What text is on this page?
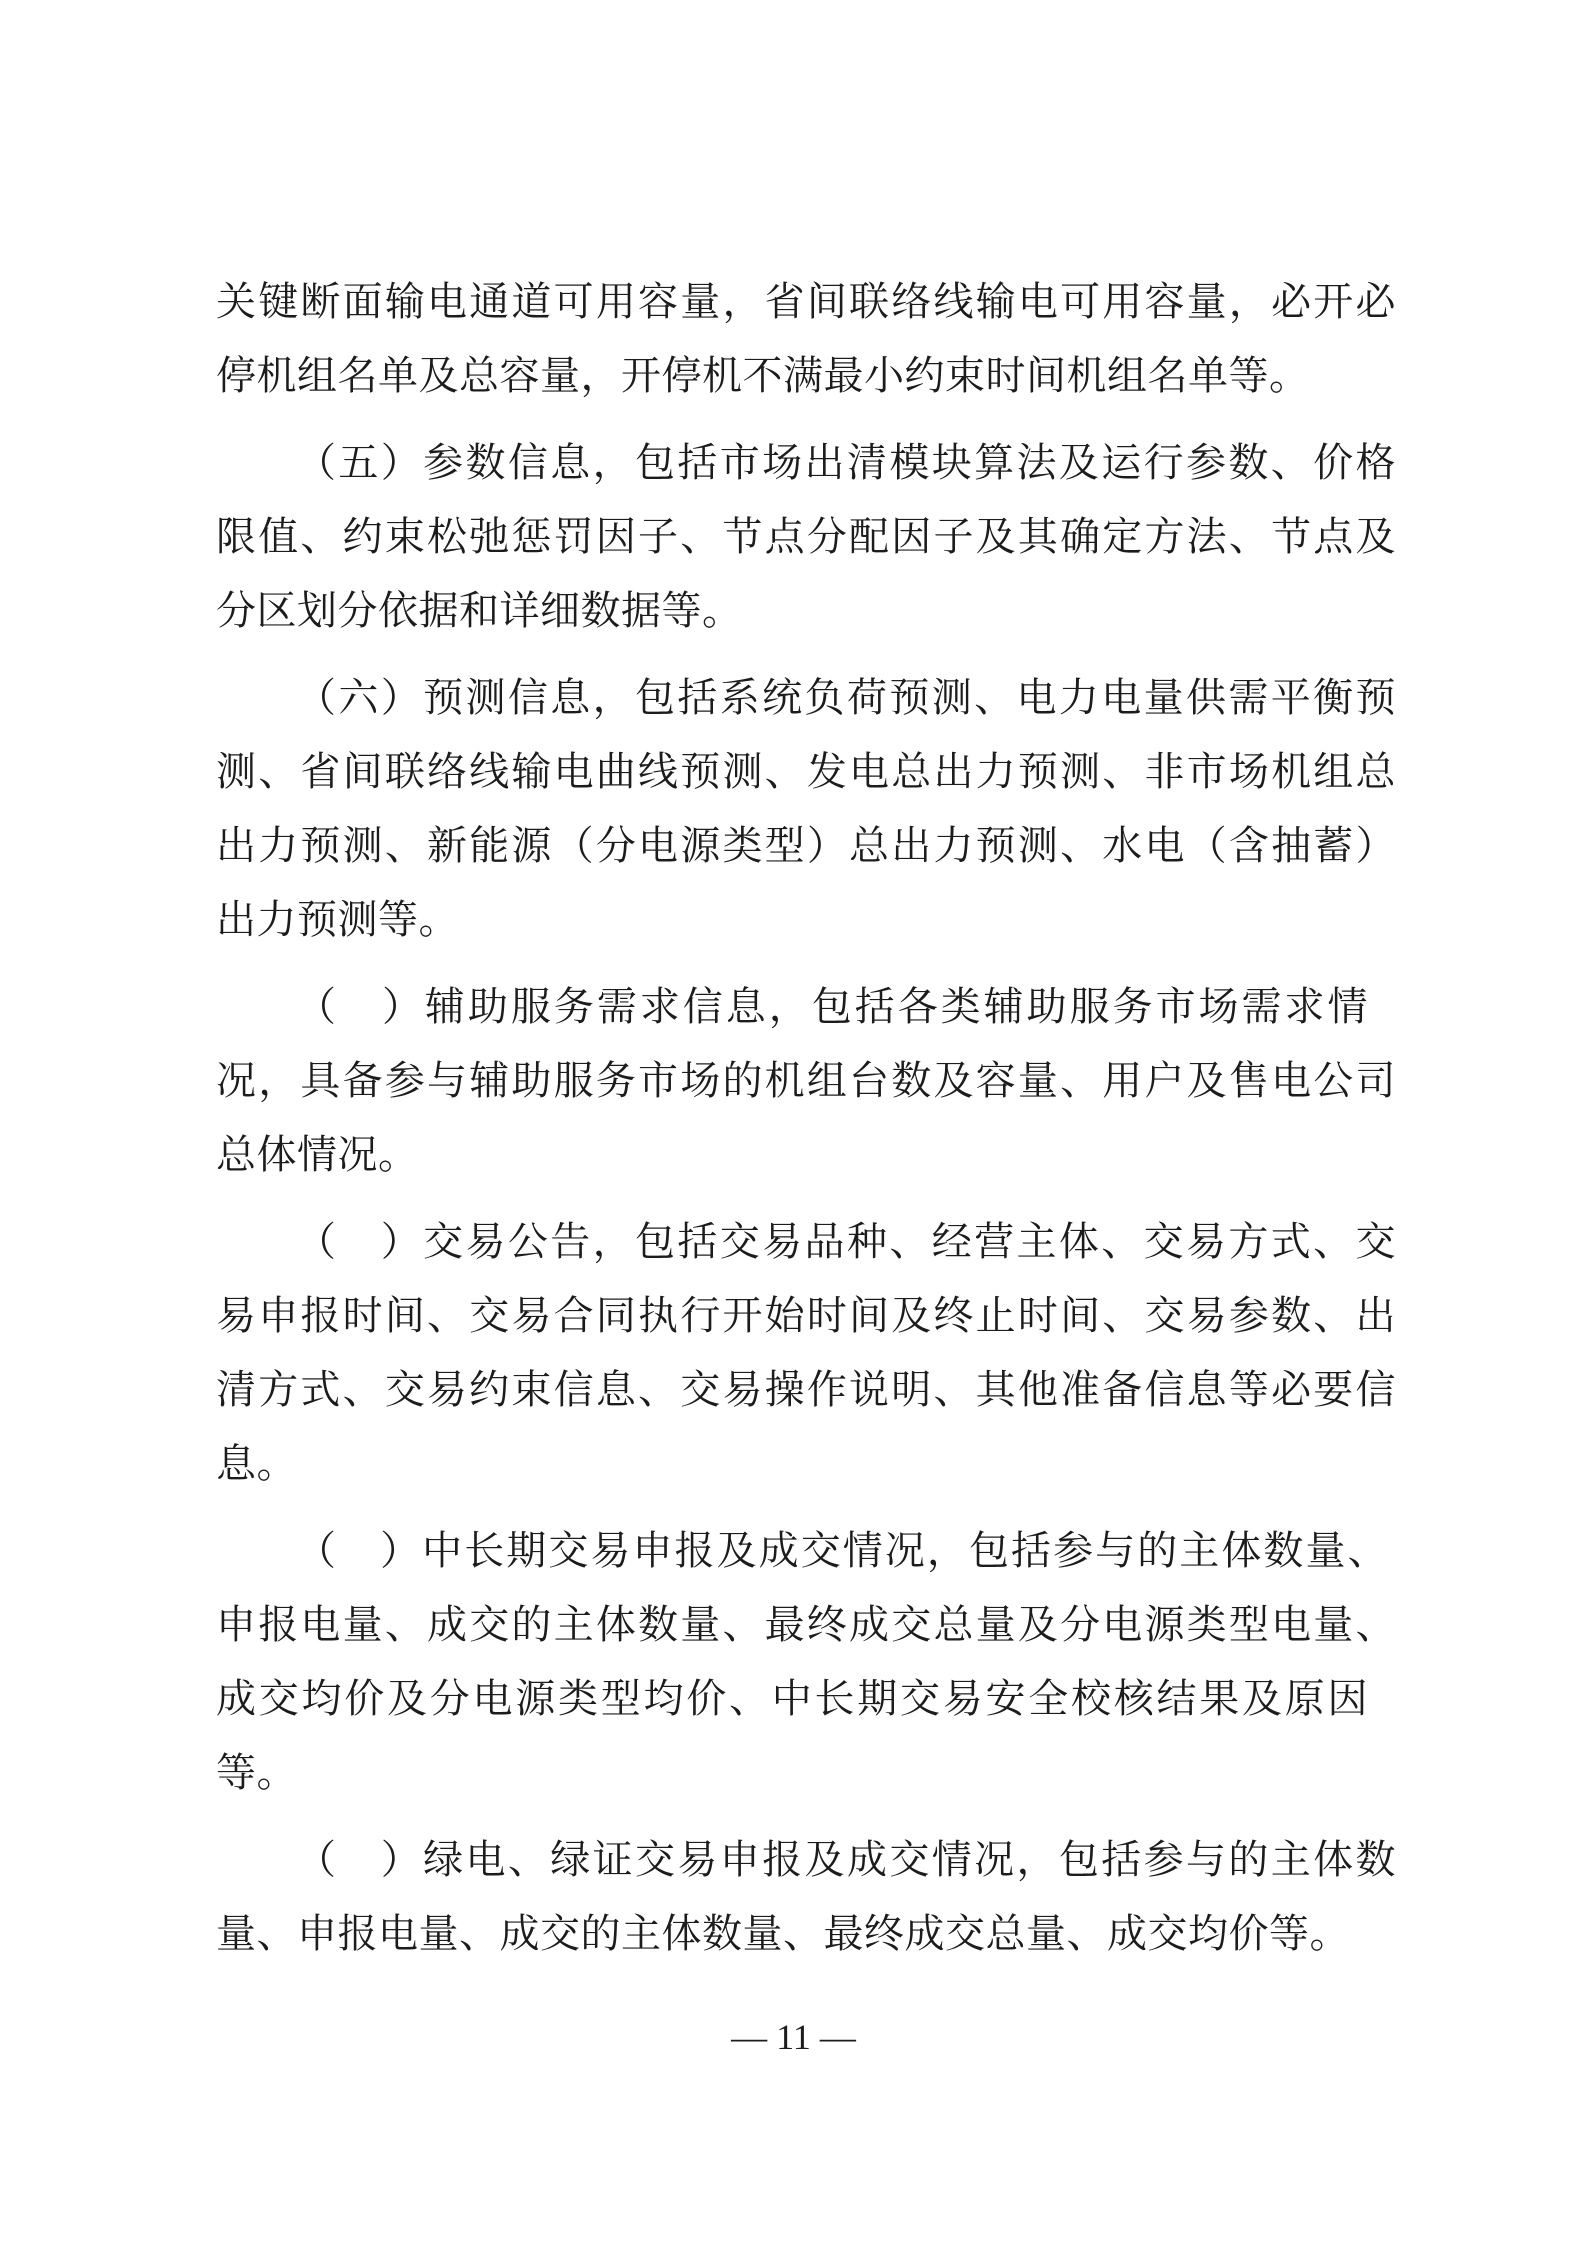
关键断面输电通道可用容量，省间联络线输电可用容量，必开必
停机组名单及总容量，开停机不满最小约束时间机组名单等。
（五）参数信息，包括市场出清模块算法及运行参数、价格
限值、约束松弛惩罚因子、节点分配因子及其确定方法、节点及
分区划分依据和详细数据等。
（六）预测信息，包括系统负荷预测、电力电量供需平衡预
测、省间联络线输电曲线预测、发电总出力预测、非市场机组总
出力预测、新能源（分电源类型）总出力预测、水电（含抽蓄）
出力预测等。
（　）辅助服务需求信息，包括各类辅助服务市场需求情
况，具备参与辅助服务市场的机组台数及容量、用户及售电公司
总体情况。
（　）交易公告，包括交易品种、经营主体、交易方式、交
易申报时间、交易合同执行开始时间及终止时间、交易参数、出
清方式、交易约束信息、交易操作说明、其他准备信息等必要信
息。
（　）中长期交易申报及成交情况，包括参与的主体数量、
申报电量、成交的主体数量、最终成交总量及分电源类型电量、
成交均价及分电源类型均价、中长期交易安全校核结果及原因
等。
（　）绿电、绿证交易申报及成交情况，包括参与的主体数
量、申报电量、成交的主体数量、最终成交总量、成交均价等。
— 11 —
